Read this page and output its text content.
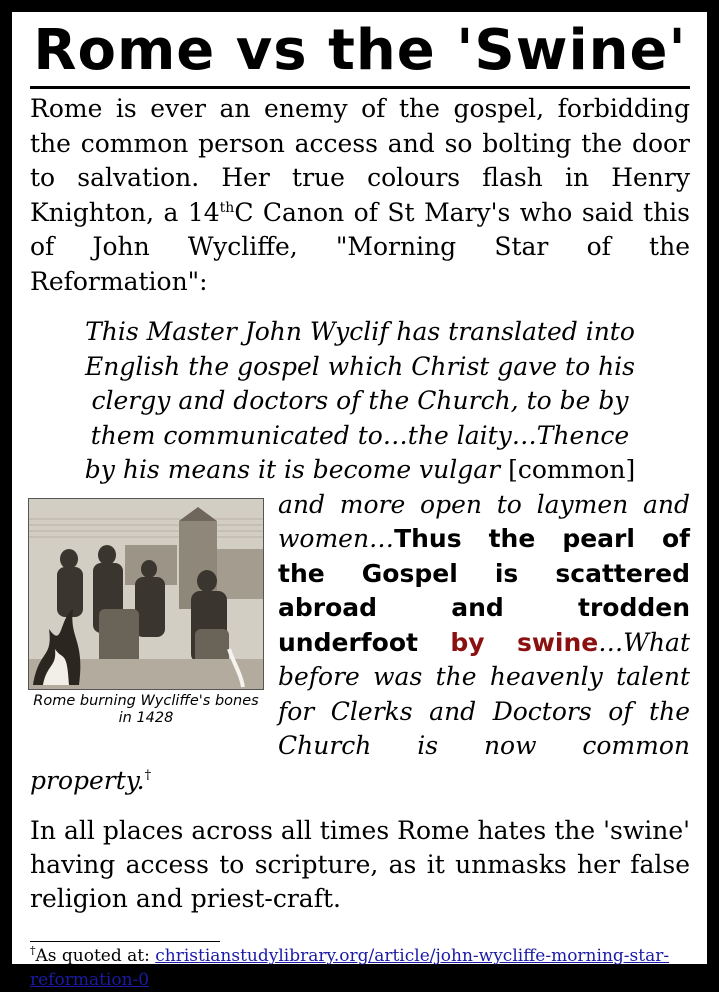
Rome vs the 'Swine'

Rome is ever an enemy of the gospel, forbidding the common person access and so bolting the door to salvation. Her true colours flash in Henry Knighton, a 14thC Canon of St Mary's who said this of John Wycliffe, "Morning Star of the Reformation":

This Master John Wyclif has translated into
English the gospel which Christ gave to his
clergy and doctors of the Church, to be by
them communicated to…the laity…Thence
by his means it is become vulgar [common]
Rome burning Wycliffe's bones in 1428
and more open to laymen and women…Thus the pearl of the Gospel is scattered abroad and trodden underfoot by swine…What before was the heavenly talent for Clerks and Doctors of the Church is now common property.†

In all places across all times Rome hates the 'swine' having access to scripture, as it unmasks her false religion and priest-craft.

†As quoted at: christianstudylibrary.org/article/john-wycliffe-morning-star-reformation-0
